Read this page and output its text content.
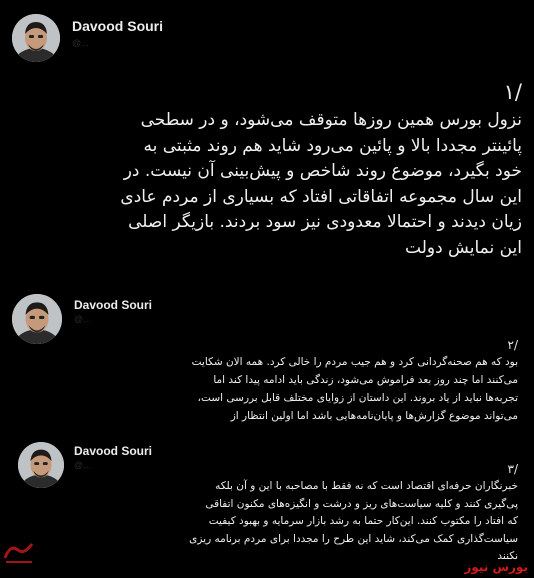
Davood Souri
@...
۱/
نزول بورس همین روزها متوقف می‌شود، و در سطحی
پائینتر مجددا بالا و پائین می‌رود شاید هم روند مثبتی به
خود بگیرد، موضوع روند شاخص و پیش‌بینی آن نیست. در
این سال مجموعه اتفاقاتی افتاد که بسیاری از مردم عادی
زیان دیدند و احتمالا معدودی نیز سود بردند. بازیگر اصلی
این نمایش دولت
Davood Souri
@...
۲/
بود که هم صحنه‌گردانی کرد و هم جیب مردم را خالی کرد. همه الان شکایت
می‌کنند اما چند روز بعد فراموش می‌شود، زندگی باید ادامه پیدا کند اما
تجربه‌ها نباید از یاد بروند. این داستان از زوایای مختلف قابل بررسی است،
می‌تواند موضوع گزارش‌ها و پایان‌نامه‌هایی باشد اما اولین انتظار از
Davood Souri
@...	۳/
خبرنگاران حرفه‌ای اقتصاد است که نه فقط با مصاحبه با این و آن بلکه
پی‌گیری کنند و کلیه سیاست‌های ریز و درشت و انگیزه‌های مکنون اتفاقی
که افتاد را مکتوب کنند. این‌کار حتما به رشد بازار سرمایه و بهبود کیفیت
سیاست‌گذاری کمک می‌کند، شاید این طرح را مجددا برای مردم برنامه ریزی
نکنند
بورس نیوز
